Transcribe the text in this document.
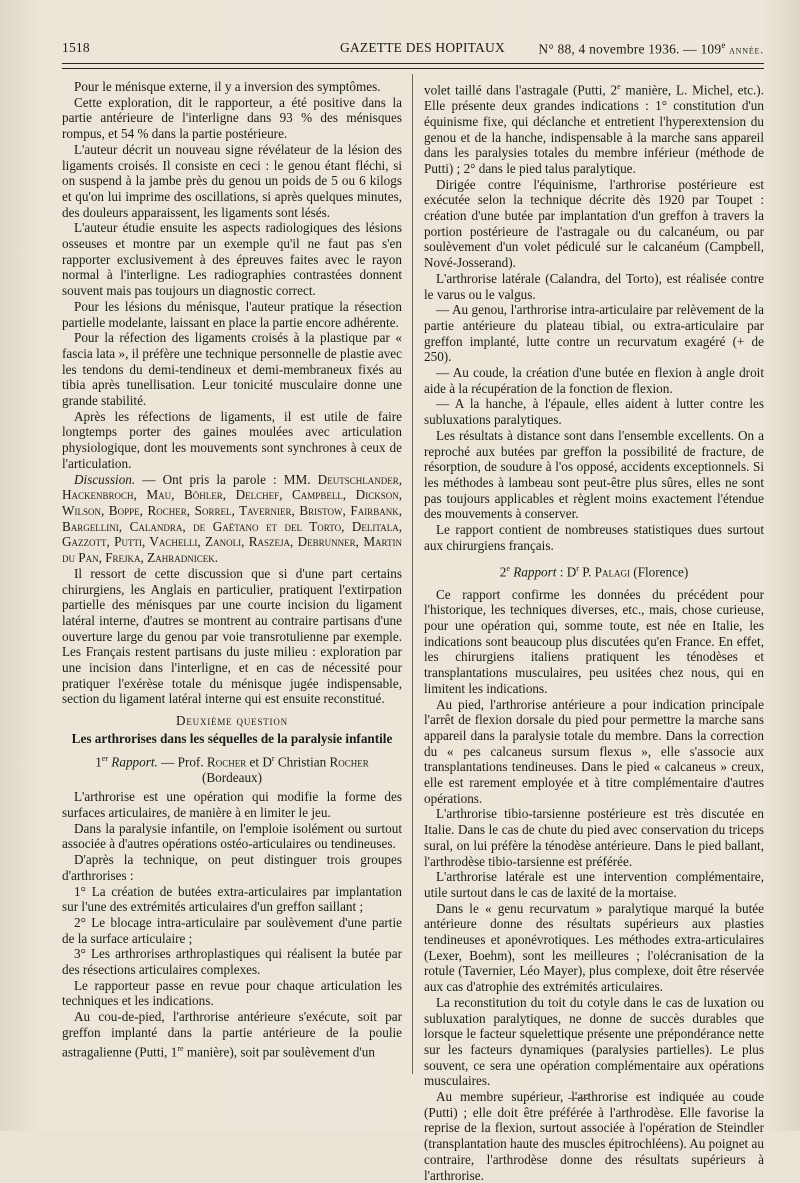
1518	GAZETTE DES HOPITAUX N° 88, 4 novembre 1936. — 109e année.

Pour le ménisque externe, il y a inversion des symptômes.

Cette exploration, dit le rapporteur, a été positive dans la partie antérieure de l'interligne dans 93 % des ménisques rompus, et 54 % dans la partie postérieure.

L'auteur décrit un nouveau signe révélateur de la lésion des ligaments croisés. Il consiste en ceci : le genou étant fléchi, si on suspend à la jambe près du genou un poids de 5 ou 6 kilogs et qu'on lui imprime des oscillations, si après quelques minutes, des douleurs apparaissent, les ligaments sont lésés.

L'auteur étudie ensuite les aspects radiologiques des lésions osseuses et montre par un exemple qu'il ne faut pas s'en rapporter exclusivement à des épreuves faites avec le rayon normal à l'interligne. Les radiographies contrastées donnent souvent mais pas toujours un diagnostic correct.

Pour les lésions du ménisque, l'auteur pratique la résection partielle modelante, laissant en place la partie encore adhérente.

Pour la réfection des ligaments croisés à la plastique par « fascia lata », il préfère une technique personnelle de plastie avec les tendons du demi-tendineux et demi-membraneux fixés au tibia après tunellisation. Leur tonicité musculaire donne une grande stabilité.

Après les réfections de ligaments, il est utile de faire longtemps porter des gaines moulées avec articulation physiologique, dont les mouvements sont synchrones à ceux de l'articulation.

Discussion. — Ont pris la parole : MM. Deutschlander, Hackenbroch, Mau, Böhler, Delchef, Campbell, Dickson, Wilson, Boppe, Rocher, Sorrel, Tavernier, Bristow, Fairbank, Bargellini, Calandra, de Gaëtano et del Torto, Delitala, Gazzott, Putti, Vachelli, Zanoli, Raszeja, Debrunner, Martin du Pan, Frejka, Zahradnicek.

Il ressort de cette discussion que si d'une part certains chirurgiens, les Anglais en particulier, pratiquent l'extirpation partielle des ménisques par une courte incision du ligament latéral interne, d'autres se montrent au contraire partisans d'une ouverture large du genou par voie transrotulienne par exemple. Les Français restent partisans du juste milieu : exploration par une incision dans l'interligne, et en cas de nécessité pour pratiquer l'exérèse totale du ménisque jugée indispensable, section du ligament latéral interne qui est ensuite reconstitué.

Deuxième question

Les arthrorises dans les séquelles de la paralysie infantile

1er Rapport. — Prof. Rocher et $D^r$ Christian Rocher
(Bordeaux)

L'arthrorise est une opération qui modifie la forme des surfaces articulaires, de manière à en limiter le jeu.

Dans la paralysie infantile, on l'emploie isolément ou surtout associée à d'autres opérations ostéo-articulaires ou tendineuses.

D'après la technique, on peut distinguer trois groupes d'arthrorises :

1° La création de butées extra-articulaires par implantation sur l'une des extrémités articulaires d'un greffon saillant ;

2° Le blocage intra-articulaire par soulèvement d'une partie de la surface articulaire ;

3° Les arthrorises arthroplastiques qui réalisent la butée par des résections articulaires complexes.

Le rapporteur passe en revue pour chaque articulation les techniques et les indications.

Au cou-de-pied, l'arthrorise antérieure s'exécute, soit par greffon implanté dans la partie antérieure de la poulie astragalienne (Putti, 1re manière), soit par soulèvement d'un

volet taillé dans l'astragale (Putti, 2e manière, L. Michel, etc.). Elle présente deux grandes indications : 1° constitution d'un équinisme fixe, qui déclanche et entretient l'hyperextension du genou et de la hanche, indispensable à la marche sans appareil dans les paralysies totales du membre inférieur (méthode de Putti) ; 2° dans le pied talus paralytique.

Dirigée contre l'équinisme, l'arthrorise postérieure est exécutée selon la technique décrite dès 1920 par Toupet : création d'une butée par implantation d'un greffon à travers la portion postérieure de l'astragale ou du calcanéum, ou par soulèvement d'un volet pédiculé sur le calcanéum (Campbell, Nové-Josserand).

L'arthrorise latérale (Calandra, del Torto), est réalisée contre le varus ou le valgus.

— Au genou, l'arthrorise intra-articulaire par relèvement de la partie antérieure du plateau tibial, ou extra-articulaire par greffon implanté, lutte contre un recurvatum exagéré (+ de 250).

— Au coude, la création d'une butée en flexion à angle droit aide à la récupération de la fonction de flexion.

— A la hanche, à l'épaule, elles aident à lutter contre les subluxations paralytiques.

Les résultats à distance sont dans l'ensemble excellents. On a reproché aux butées par greffon la possibilité de fracture, de résorption, de soudure à l'os opposé, accidents exceptionnels. Si les méthodes à lambeau sont peut-être plus sûres, elles ne sont pas toujours applicables et règlent moins exactement l'étendue des mouvements à conserver.

Le rapport contient de nombreuses statistiques dues surtout aux chirurgiens français.

2e Rapport : $D^r$ P. Palagi (Florence)

Ce rapport confirme les données du précédent pour l'historique, les techniques diverses, etc., mais, chose curieuse, pour une opération qui, somme toute, est née en Italie, les indications sont beaucoup plus discutées qu'en France. En effet, les chirurgiens italiens pratiquent les ténodèses et transplantations musculaires, peu usitées chez nous, qui en limitent les indications.

Au pied, l'arthrorise antérieure a pour indication principale l'arrêt de flexion dorsale du pied pour permettre la marche sans appareil dans la paralysie totale du membre. Dans la correction du « pes calcaneus sursum flexus », elle s'associe aux transplantations tendineuses. Dans le pied « calcaneus » creux, elle est rarement employée et à titre complémentaire d'autres opérations.

L'arthrorise tibio-tarsienne postérieure est très discutée en Italie. Dans le cas de chute du pied avec conservation du triceps sural, on lui préfère la ténodèse antérieure. Dans le pied ballant, l'arthrodèse tibio-tarsienne est préférée.

L'arthrorise latérale est une intervention complémentaire, utile surtout dans le cas de laxité de la mortaise.

Dans le « genu recurvatum » paralytique marqué la butée antérieure donne des résultats supérieurs aux plasties tendineuses et aponévrotiques. Les méthodes extra-articulaires (Lexer, Boehm), sont les meilleures ; l'olécranisation de la rotule (Tavernier, Léo Mayer), plus complexe, doit être réservée aux cas d'atrophie des extrémités articulaires.

La reconstitution du toit du cotyle dans le cas de luxation ou subluxation paralytiques, ne donne de succès durables que lorsque le facteur squelettique présente une prépondérance nette sur les facteurs dynamiques (paralysies partielles). Le plus souvent, ce sera une opération complémentaire aux opérations musculaires.

Au membre supérieur, l'arthrorise est indiquée au coude (Putti) ; elle doit être préférée à l'arthrodèse. Elle favorise la reprise de la flexion, surtout associée à l'opération de Steindler (transplantation haute des muscles épitrochléens). Au poignet au contraire, l'arthrodèse donne des résultats supérieurs à l'arthrorise.
